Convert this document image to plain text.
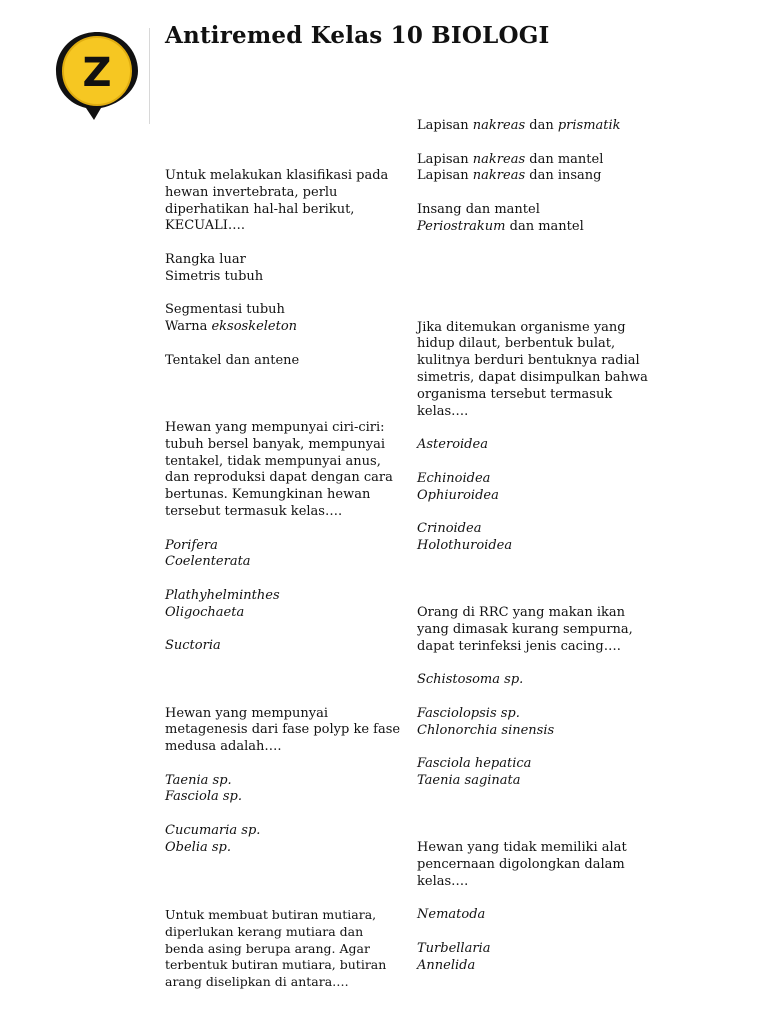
Z
Antiremed Kelas 10 BIOLOGI
Untuk melakukan klasifikasi pada
hewan invertebrata, perlu
diperhatikan hal-hal berikut,
KECUALI….
Rangka luar
Simetris tubuh
Segmentasi tubuh
Warna eksoskeleton
Tentakel dan antene
Hewan yang mempunyai ciri-ciri:
tubuh bersel banyak, mempunyai
tentakel, tidak mempunyai anus,
dan reproduksi dapat dengan cara
bertunas. Kemungkinan hewan
tersebut termasuk kelas….
Porifera
Coelenterata
Plathyhelminthes
Oligochaeta
Suctoria
Hewan yang mempunyai
metagenesis dari fase polyp ke fase
medusa adalah….
Taenia sp.
Fasciola sp.
Cucumaria sp.
Obelia sp.
Untuk membuat butiran mutiara,
diperlukan kerang mutiara dan
benda asing berupa arang. Agar
terbentuk butiran mutiara, butiran
arang diselipkan di antara….
Lapisan nakreas dan prismatik
Lapisan nakreas dan mantel
Lapisan nakreas dan insang
Insang dan mantel
Periostrakum dan mantel
Jika ditemukan organisme yang
hidup dilaut, berbentuk bulat,
kulitnya berduri bentuknya radial
simetris, dapat disimpulkan bahwa
organisma tersebut termasuk
kelas….
Asteroidea
Echinoidea
Ophiuroidea
Crinoidea
Holothuroidea
Orang di RRC yang makan ikan
yang dimasak kurang sempurna,
dapat terinfeksi jenis cacing….
Schistosoma sp.
Fasciolopsis sp.
Chlonorchia sinensis
Fasciola hepatica
Taenia saginata
Hewan yang tidak memiliki alat
pencernaan digolongkan dalam
kelas….
Nematoda
Turbellaria
Annelida
